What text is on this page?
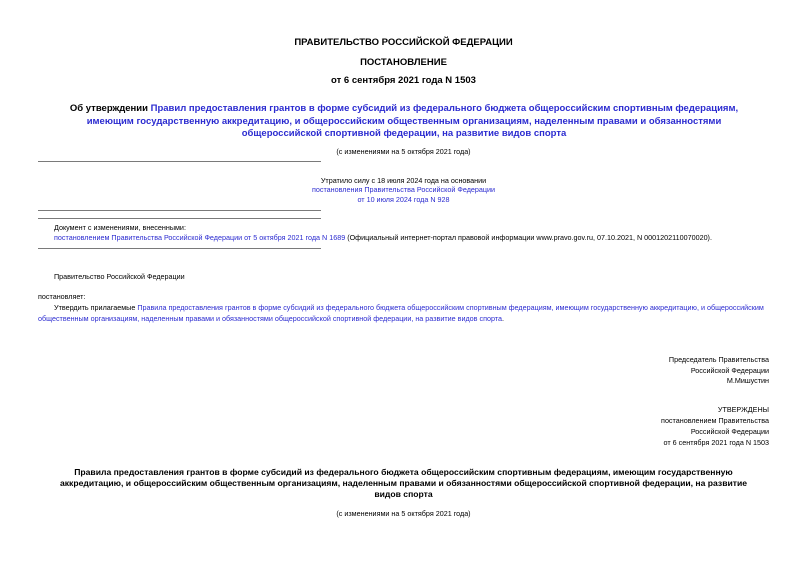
ПРАВИТЕЛЬСТВО РОССИЙСКОЙ ФЕДЕРАЦИИ
ПОСТАНОВЛЕНИЕ
от 6 сентября 2021 года N 1503
Об утверждении Правил предоставления грантов в форме субсидий из федерального бюджета общероссийским спортивным федерациям, имеющим государственную аккредитацию, и общероссийским общественным организациям, наделенным правами и обязанностями общероссийской спортивной федерации, на развитие видов спорта
(с изменениями на 5 октября 2021 года)
Утратило силу с 18 июля 2024 года на основании
постановления Правительства Российской Федерации
от 10 июля 2024 года N 928
Документ с изменениями, внесенными:
постановлением Правительства Российской Федерации от 5 октября 2021 года N 1689 (Официальный интернет-портал правовой информации www.pravo.gov.ru, 07.10.2021, N 0001202110070020).
Правительство Российской Федерации
постановляет:
Утвердить прилагаемые Правила предоставления грантов в форме субсидий из федерального бюджета общероссийским спортивным федерациям, имеющим государственную аккредитацию, и общероссийским
общественным организациям, наделенным правами и обязанностями общероссийской спортивной федерации, на развитие видов спорта.
Председатель Правительства
Российской Федерации
М.Мишустин
УТВЕРЖДЕНЫ
постановлением Правительства
Российской Федерации
от 6 сентября 2021 года N 1503
Правила предоставления грантов в форме субсидий из федерального бюджета общероссийским спортивным федерациям, имеющим государственную
аккредитацию, и общероссийским общественным организациям, наделенным правами и обязанностями общероссийской спортивной федерации, на развитие
видов спорта
(с изменениями на 5 октября 2021 года)
